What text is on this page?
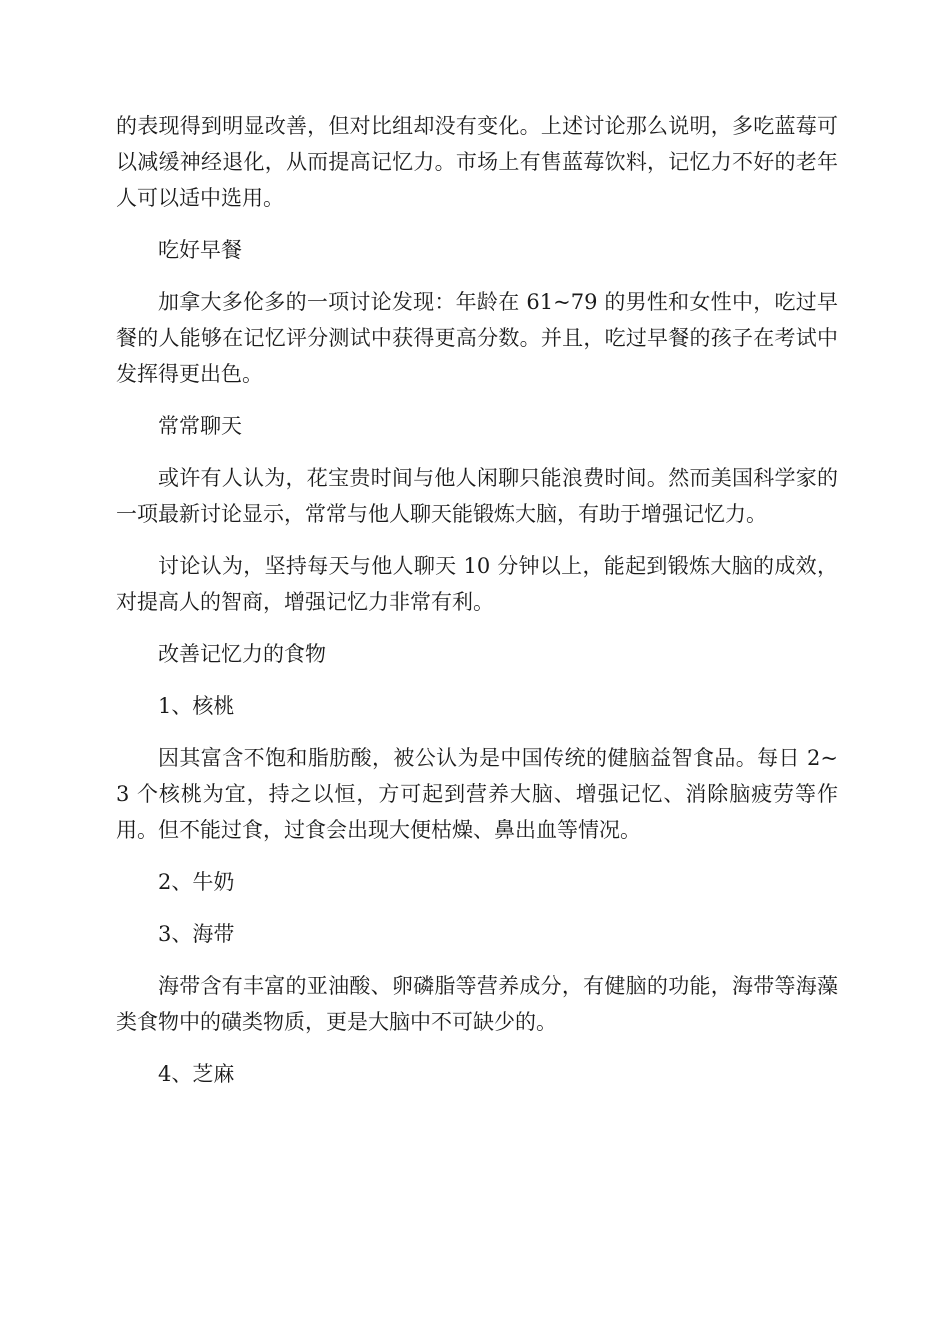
的表现得到明显改善，但对比组却没有变化。上述讨论那么说明，多吃蓝莓可以减缓神经退化，从而提高记忆力。市场上有售蓝莓饮料，记忆力不好的老年人可以适中选用。

吃好早餐

加拿大多伦多的一项讨论发现：年龄在 61~79 的男性和女性中，吃过早餐的人能够在记忆评分测试中获得更高分数。并且，吃过早餐的孩子在考试中发挥得更出色。

常常聊天

或许有人认为，花宝贵时间与他人闲聊只能浪费时间。然而美国科学家的一项最新讨论显示，常常与他人聊天能锻炼大脑，有助于增强记忆力。

讨论认为，坚持每天与他人聊天 10 分钟以上，能起到锻炼大脑的成效，对提高人的智商，增强记忆力非常有利。

改善记忆力的食物

1、核桃

因其富含不饱和脂肪酸，被公认为是中国传统的健脑益智食品。每日 2~3 个核桃为宜，持之以恒，方可起到营养大脑、增强记忆、消除脑疲劳等作用。但不能过食，过食会出现大便枯燥、鼻出血等情况。

2、牛奶

3、海带

海带含有丰富的亚油酸、卵磷脂等营养成分，有健脑的功能，海带等海藻类食物中的磺类物质，更是大脑中不可缺少的。

4、芝麻
